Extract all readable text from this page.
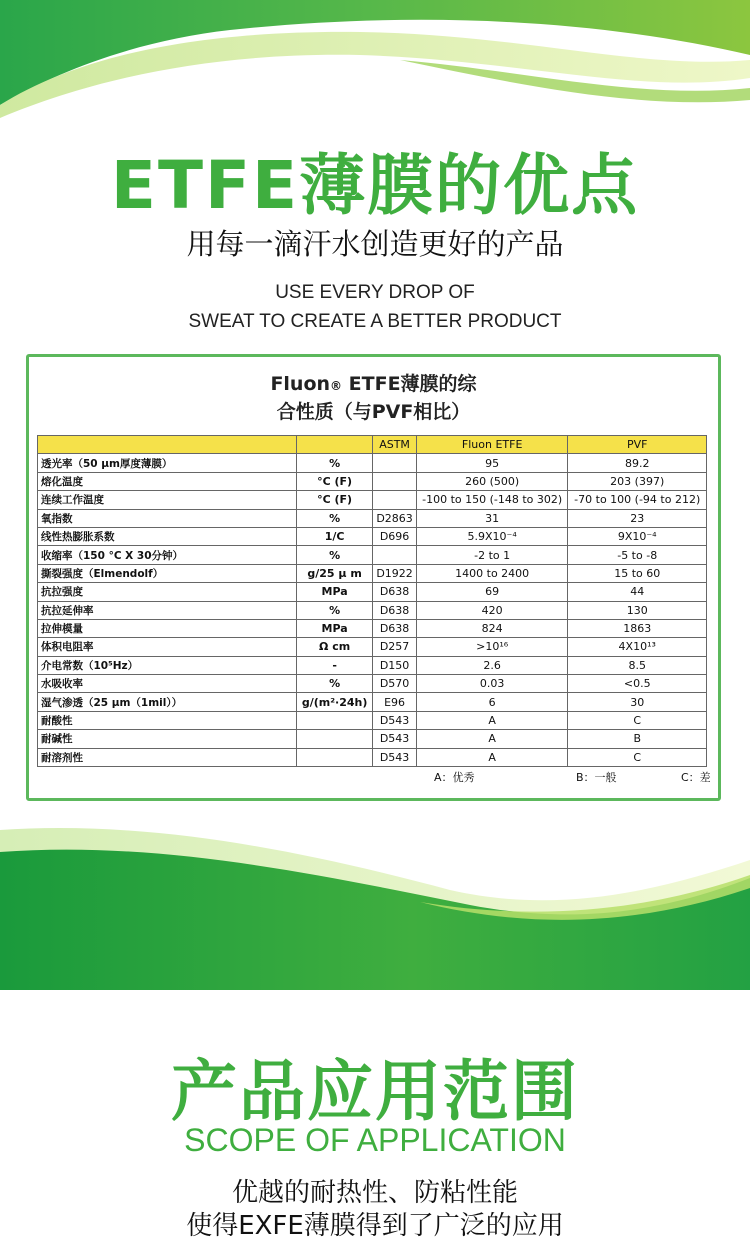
ETFE薄膜的优点
用每一滴汗水创造更好的产品
USE EVERY DROP OF
SWEAT TO CREATE A BETTER PRODUCT
Fluon® ETFE薄膜的综
合性质（与PVF相比）
		ASTM	Fluon ETFE	PVF
透光率（50 μm厚度薄膜）	%		95	89.2
熔化温度	°C (F)		260 (500)	203 (397)
连续工作温度	°C (F)		-100 to 150 (-148 to 302)	-70 to 100 (-94 to 212)
氧指数	%	D2863	31	23
线性热膨胀系数	1/C	D696	5.9X10⁻⁴	9X10⁻⁴
收缩率（150 °C X 30分钟）	%		-2 to 1	-5 to -8
撕裂强度（Elmendolf）	g/25 μ m	D1922	1400 to 2400	15 to 60
抗拉强度	MPa	D638	69	44
抗拉延伸率	%	D638	420	130
拉伸模量	MPa	D638	824	1863
体积电阻率	Ω cm	D257	>10¹⁶	4X10¹³
介电常数（10⁵Hz）	-	D150	2.6	8.5
水吸收率	%	D570	0.03	<0.5
湿气渗透（25 μm（1mil））	g/(m²·24h)	E96	6	30
耐酸性		D543	A	C
耐碱性		D543	A	B
耐溶剂性		D543	A	C
A：优秀	B：一般	C：差
产品应用范围
SCOPE OF APPLICATION
优越的耐热性、防粘性能
使得EXFE薄膜得到了广泛的应用
